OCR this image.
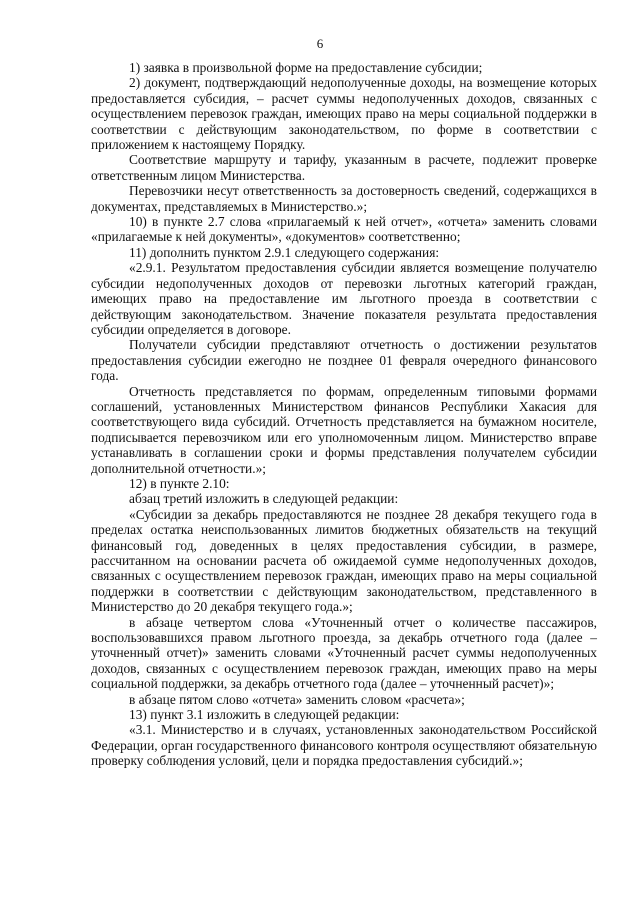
6

1) заявка в произвольной форме на предоставление субсидии;

2) документ, подтверждающий недополученные доходы, на возмещение которых предоставляется субсидия, – расчет суммы недополученных доходов, связанных с осуществлением перевозок граждан, имеющих право на меры социальной поддержки в соответствии с действующим законодательством, по форме в соответствии с приложением к настоящему Порядку.

Соответствие маршруту и тарифу, указанным в расчете, подлежит проверке ответственным лицом Министерства.

Перевозчики несут ответственность за достоверность сведений, содержащихся в документах, представляемых в Министерство.»;

10) в пункте 2.7 слова «прилагаемый к ней отчет», «отчета» заменить словами «прилагаемые к ней документы», «документов» соответственно;

11) дополнить пунктом 2.9.1 следующего содержания:

«2.9.1. Результатом предоставления субсидии является возмещение получателю субсидии недополученных доходов от перевозки льготных категорий граждан, имеющих право на предоставление им льготного проезда в соответствии с действующим законодательством. Значение показателя результата предоставления субсидии определяется в договоре.

Получатели субсидии представляют отчетность о достижении результатов предоставления субсидии ежегодно не позднее 01 февраля очередного финансового года.

Отчетность представляется по формам, определенным типовыми формами соглашений, установленных Министерством финансов Республики Хакасия для соответствующего вида субсидий. Отчетность представляется на бумажном носителе, подписывается перевозчиком или его уполномоченным лицом. Министерство вправе устанавливать в соглашении сроки и формы представления получателем субсидии дополнительной отчетности.»;

12) в пункте 2.10:

абзац третий изложить в следующей редакции:

«Субсидии за декабрь предоставляются не позднее 28 декабря текущего года в пределах остатка неиспользованных лимитов бюджетных обязательств на текущий финансовый год, доведенных в целях предоставления субсидии, в размере, рассчитанном на основании расчета об ожидаемой сумме недополученных доходов, связанных с осуществлением перевозок граждан, имеющих право на меры социальной поддержки в соответствии с действующим законодательством, представленного в Министерство до 20 декабря текущего года.»;

в абзаце четвертом слова «Уточненный отчет о количестве пассажиров, воспользовавшихся правом льготного проезда, за декабрь отчетного года (далее – уточненный отчет)» заменить словами «Уточненный расчет суммы недополученных доходов, связанных с осуществлением перевозок граждан, имеющих право на меры социальной поддержки, за декабрь отчетного года (далее – уточненный расчет)»;

в абзаце пятом слово «отчета» заменить словом «расчета»;

13) пункт 3.1 изложить в следующей редакции:

«3.1. Министерство и в случаях, установленных законодательством Российской Федерации, орган государственного финансового контроля осуществляют обязательную проверку соблюдения условий, цели и порядка предоставления субсидий.»;
